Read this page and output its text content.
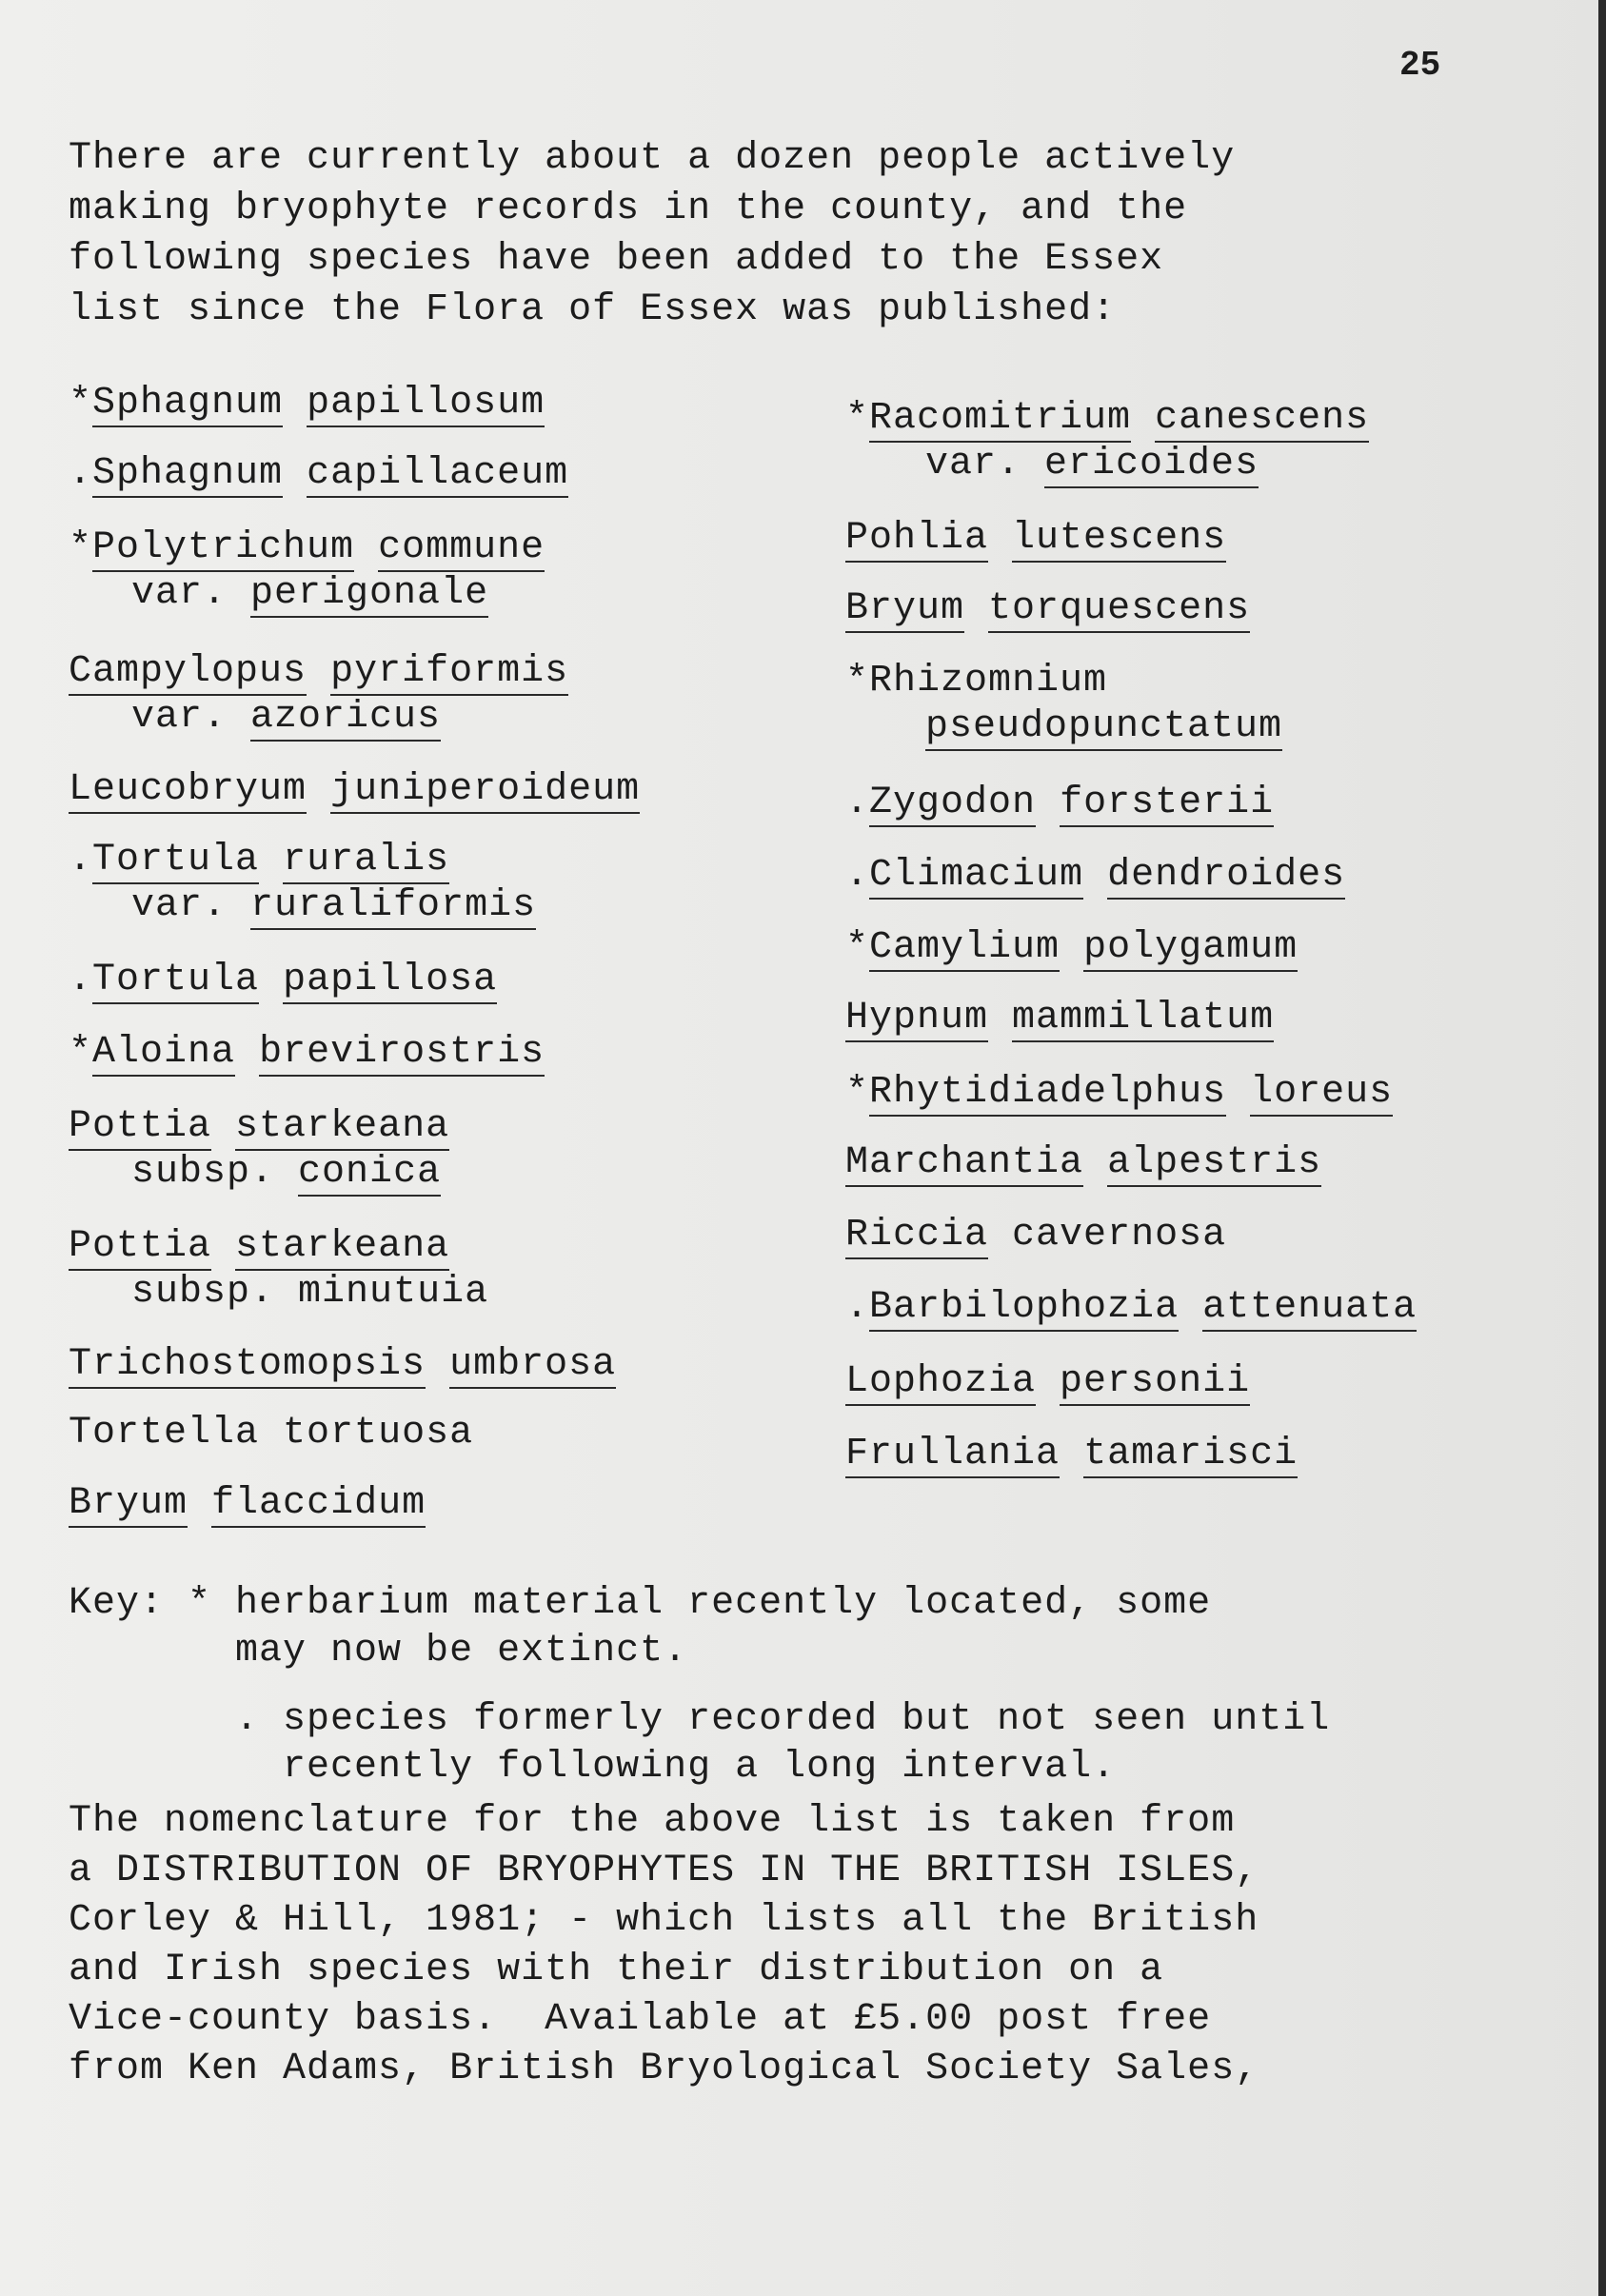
25
There are currently about a dozen people actively
making bryophyte records in the county, and the
following species have been added to the Essex
list since the Flora of Essex was published:
*Sphagnum papillosum
.Sphagnum capillaceum
*Polytrichum commune
var. perigonale
Campylopus pyriformis
var. azoricus
Leucobryum juniperoideum
.Tortula ruralis
var. ruraliformis
.Tortula papillosa
*Aloina brevirostris
Pottia starkeana
subsp. conica
Pottia starkeana
subsp. minutuia
Trichostomopsis umbrosa
Tortella tortuosa
Bryum flaccidum
*Racomitrium canescens
var. ericoides
Pohlia lutescens
Bryum torquescens
*Rhizomnium
pseudopunctatum
.Zygodon forsterii
.Climacium dendroides
*Camylium polygamum
Hypnum mammillatum
*Rhytidiadelphus loreus
Marchantia alpestris
Riccia cavernosa
.Barbilophozia attenuata
Lophozia personii
Frullania tamarisci
Key: * herbarium material recently located, some
may now be extinct.
. species formerly recorded but not seen until
recently following a long interval.
The nomenclature for the above list is taken from
a DISTRIBUTION OF BRYOPHYTES IN THE BRITISH ISLES,
Corley & Hill, 1981; - which lists all the British
and Irish species with their distribution on a
Vice-county basis.  Available at £5.00 post free
from Ken Adams, British Bryological Society Sales,
